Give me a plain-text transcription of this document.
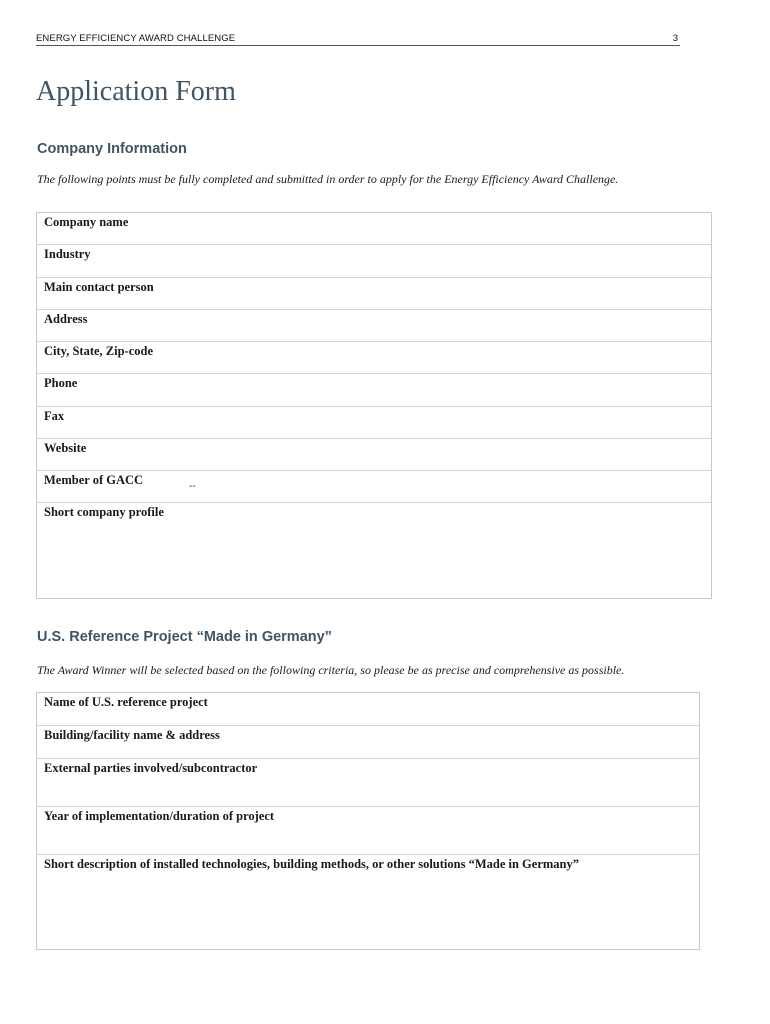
ENERGY EFFICIENCY AWARD CHALLENGE	3
Application Form
Company Information

The following points must be fully completed and submitted in order to apply for the Energy Efficiency Award Challenge.

Company name
Industry
Main contact person
Address
City, State, Zip-code
Phone
Fax
Website
Member of GACC	--
Short company profile
U.S. Reference Project “Made in Germany”

The Award Winner will be selected based on the following criteria, so please be as precise and comprehensive as possible.

Name of U.S. reference project
Building/facility name & address
External parties involved/subcontractor
Year of implementation/duration of project
Short description of installed technologies, building methods, or other solutions “Made in Germany”
